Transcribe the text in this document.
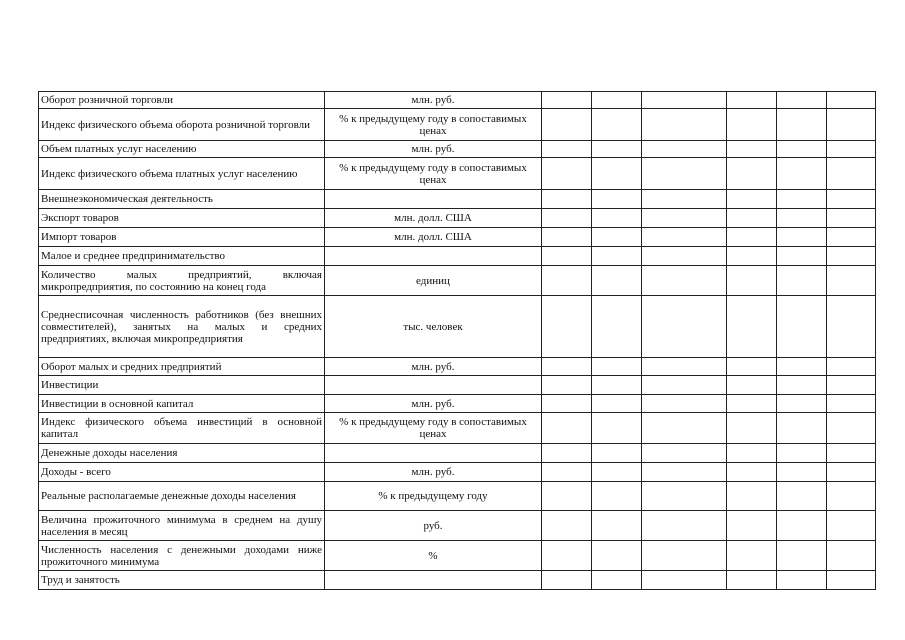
Оборот розничной торговли	млн. руб.						
Индекс физического объема оборота розничной торговли	% к предыдущему году в сопоставимых ценах						
Объем платных услуг населению	млн. руб.						
Индекс физического объема платных услуг населению	% к предыдущему году в сопоставимых ценах						
Внешнеэкономическая деятельность							
Экспорт товаров	млн. долл. США						
Импорт товаров	млн. долл. США						
Малое и среднее предпринимательство							
Количество малых предприятий, включая микропредприятия, по состоянию на конец года	единиц						
Среднесписочная численность работников (без внешних совместителей), занятых на малых и средних предприятиях, включая микропредприятия	тыс. человек						
Оборот малых и средних предприятий	млн. руб.						
Инвестиции							
Инвестиции в основной капитал	млн. руб.						
Индекс физического объема инвестиций в основной капитал	% к предыдущему году в сопоставимых ценах						
Денежные доходы населения							
Доходы - всего	млн. руб.						
Реальные располагаемые денежные доходы населения	% к предыдущему году						
Величина прожиточного минимума в среднем на душу населения в месяц	руб.						
Численность населения с денежными доходами ниже прожиточного минимума	%						
Труд и занятость							
